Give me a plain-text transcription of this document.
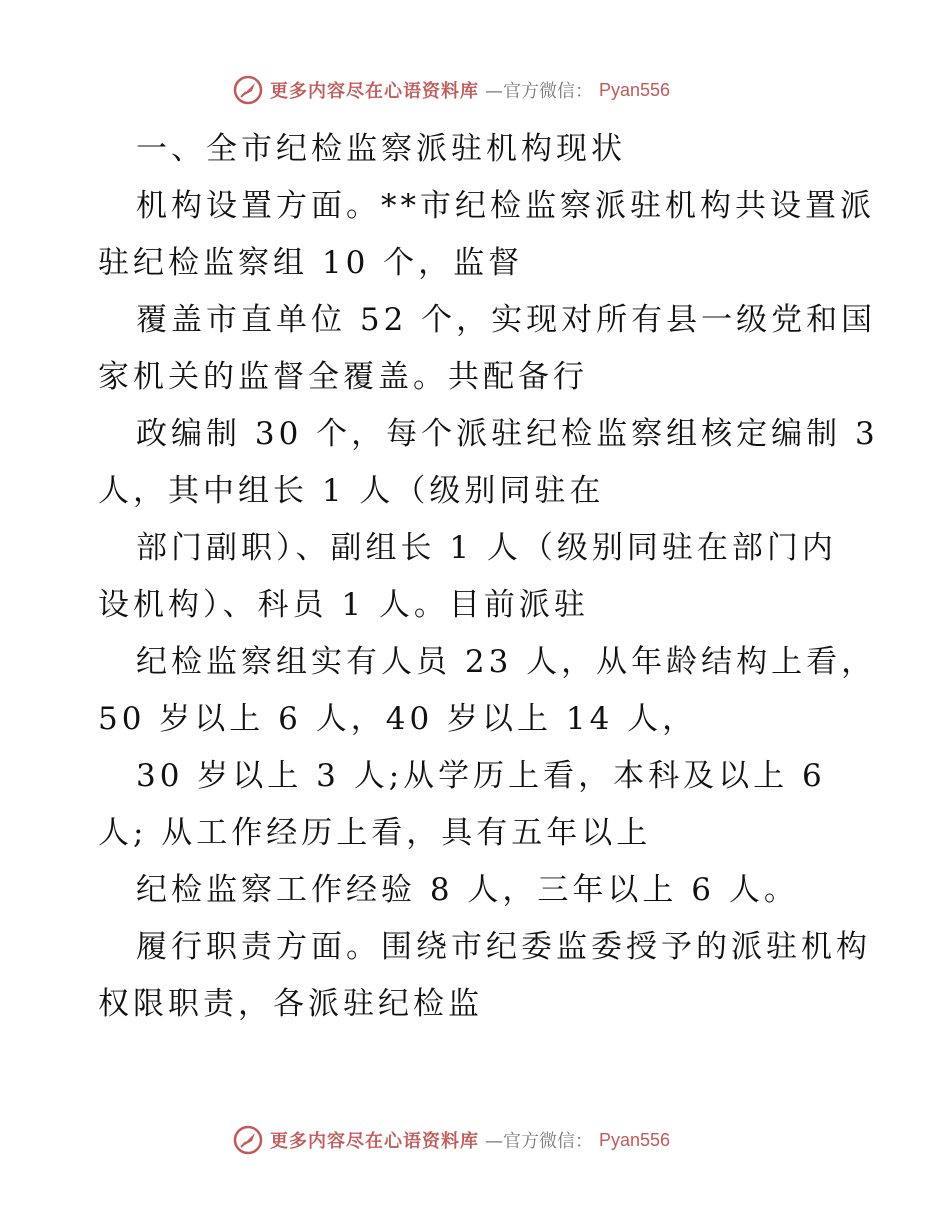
更多内容尽在心语资料库 —官方微信： Pyan556
一、全市纪检监察派驻机构现状
机构设置方面。**市纪检监察派驻机构共设置派
驻纪检监察组 10 个，监督
覆盖市直单位 52 个，实现对所有县一级党和国
家机关的监督全覆盖。共配备行
政编制 30 个，每个派驻纪检监察组核定编制 3
人，其中组长 1 人（级别同驻在
部门副职）、副组长 1 人（级别同驻在部门内
设机构）、科员 1 人。目前派驻
纪检监察组实有人员 23 人，从年龄结构上看，
50 岁以上 6 人，40 岁以上 14 人，
30 岁以上 3 人;从学历上看，本科及以上 6
人; 从工作经历上看，具有五年以上
纪检监察工作经验 8 人，三年以上 6 人。
履行职责方面。围绕市纪委监委授予的派驻机构
权限职责，各派驻纪检监
更多内容尽在心语资料库 —官方微信： Pyan556
